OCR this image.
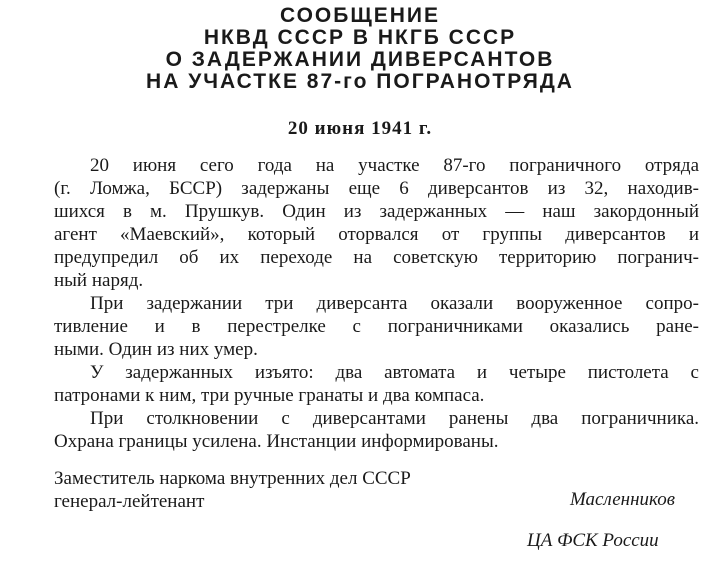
СООБЩЕНИЕ
НКВД СССР В НКГБ СССР
О ЗАДЕРЖАНИИ ДИВЕРСАНТОВ
НА УЧАСТКЕ 87-го ПОГРАНОТРЯДА
20 июня 1941 г.
20 июня сего года на участке 87-го пограничного отряда
(г. Ломжа, БССР) задержаны еще 6 диверсантов из 32, находив-
шихся в м. Прушкув. Один из задержанных — наш закордонный
агент «Маевский», который оторвался от группы диверсантов и
предупредил об их переходе на советскую территорию погранич-
ный наряд.
При задержании три диверсанта оказали вооруженное сопро-
тивление и в перестрелке с пограничниками оказались ране-
ными. Один из них умер.
У задержанных изъято: два автомата и четыре пистолета с
патронами к ним, три ручные гранаты и два компаса.
При столкновении с диверсантами ранены два пограничника.
Охрана границы усилена. Инстанции информированы.
Заместитель наркома внутренних дел СССР
генерал-лейтенант	Масленников
ЦА ФСК России
